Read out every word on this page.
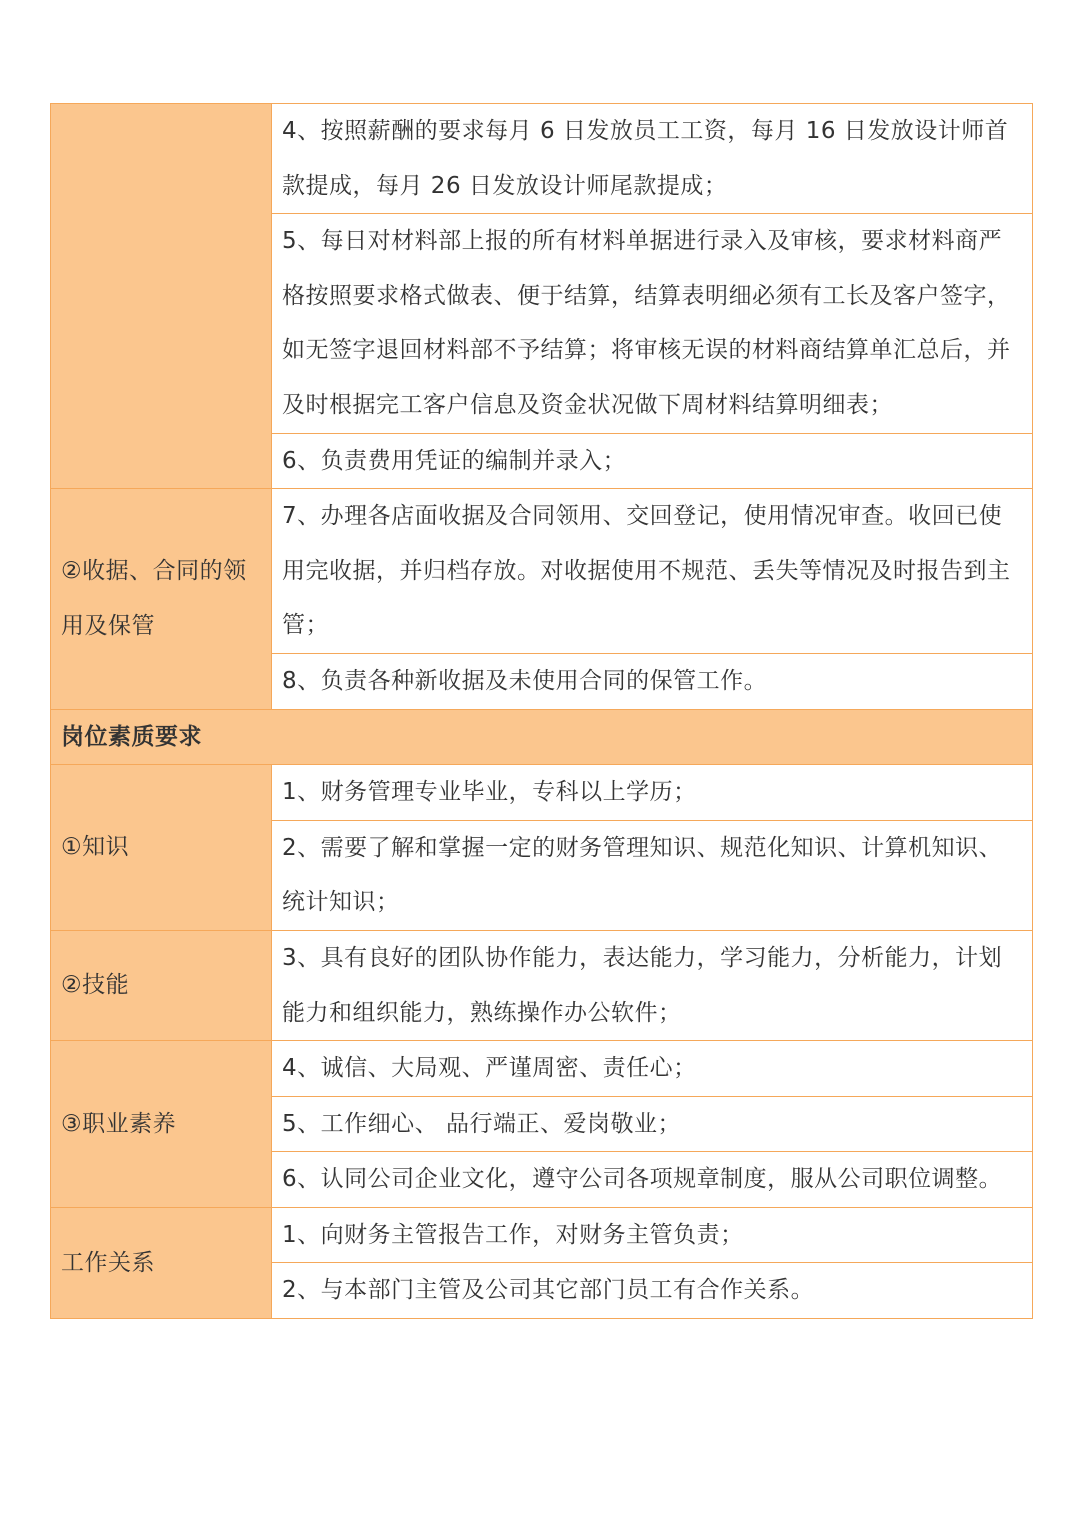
	4、按照薪酬的要求每月 6 日发放员工工资，每月 16 日发放设计师首款提成，每月 26 日发放设计师尾款提成；
	5、每日对材料部上报的所有材料单据进行录入及审核，要求材料商严格按照要求格式做表、便于结算，结算表明细必须有工长及客户签字，如无签字退回材料部不予结算；将审核无误的材料商结算单汇总后，并及时根据完工客户信息及资金状况做下周材料结算明细表；
	6、负责费用凭证的编制并录入；
②收据、合同的领用及保管	7、办理各店面收据及合同领用、交回登记，使用情况审查。收回已使用完收据，并归档存放。对收据使用不规范、丢失等情况及时报告到主管；
	8、负责各种新收据及未使用合同的保管工作。
岗位素质要求	
①知识	1、财务管理专业毕业，专科以上学历；
	2、需要了解和掌握一定的财务管理知识、规范化知识、计算机知识、统计知识；
②技能	3、具有良好的团队协作能力，表达能力，学习能力，分析能力，计划能力和组织能力，熟练操作办公软件；
③职业素养	4、诚信、大局观、严谨周密、责任心；
	5、工作细心、 品行端正、爱岗敬业；
	6、认同公司企业文化，遵守公司各项规章制度，服从公司职位调整。
工作关系	1、向财务主管报告工作，对财务主管负责；
	2、与本部门主管及公司其它部门员工有合作关系。
